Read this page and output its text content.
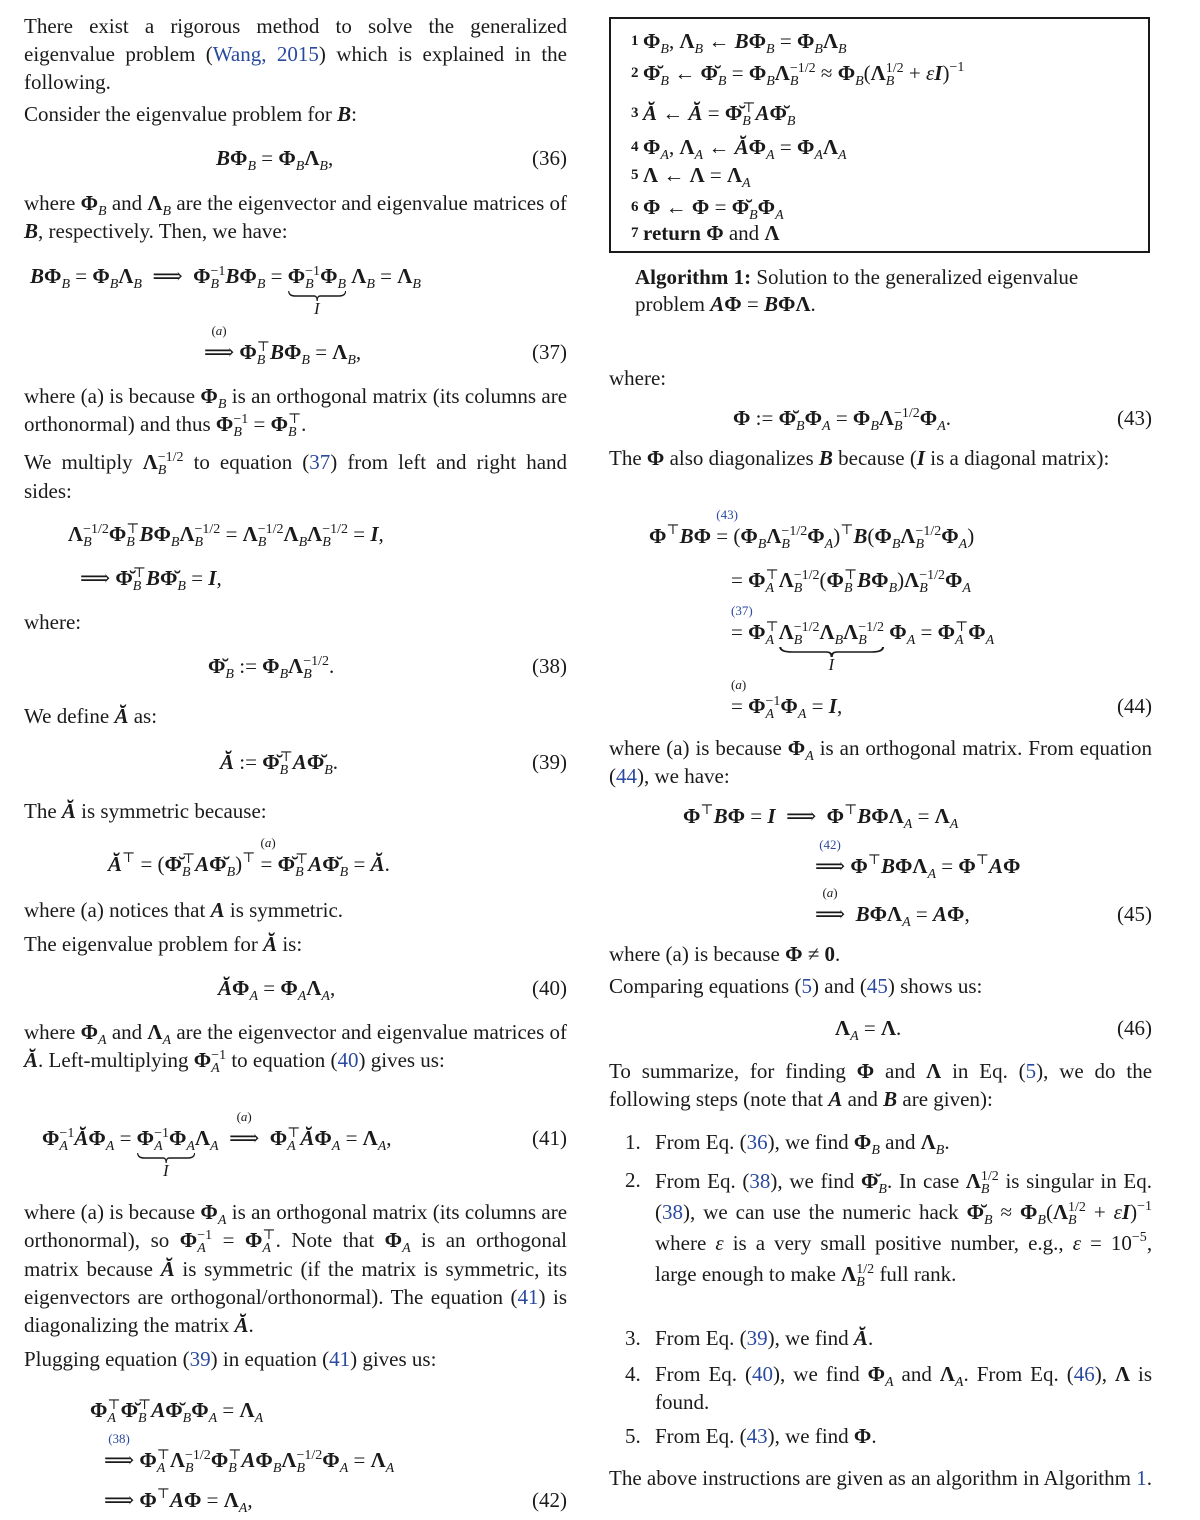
There exist a rigorous method to solve the generalized eigenvalue problem (Wang, 2015) which is explained in the following.
Consider the eigenvalue problem for B:
$B\Phi_B = \Phi_B\Lambda_B$,	(36)
where $\Phi_B$ and $\Lambda_B$ are the eigenvector and eigenvalue matrices of B, respectively. Then, we have:
$B\Phi_B = \Phi_B\Lambda_B$  ⟹  Φ −1
B $B\Phi_B = \Phi -1$
B $\Phi_B$
I
$\Lambda_B = \Lambda_B$
⟹
(a)
Φ ⊤
B $B\Phi_B = \Lambda_B$,	(37)
where (a) is because $\Phi_B$ is an orthogonal matrix (its columns are orthonormal) and thus Φ −1
B = Φ ⊤
B .
We multiply Λ −1/2
B	to equation (37) from left and right hand sides:
Λ −1/2
B Φ ⊤
B $B\Phi_B\Lambda -1/2$
B = Λ −1/2
B $\Lambda_B\Lambda -1/2$
B = I,
⟹ Φ̆ ⊤
B $B\Phĭ_B = I$,
where:
$\Phĭ_B$ := $\Phi_B\Lambda -1/2$
B .	(38)
We define Ă as:
Ă := Φ̆ ⊤
B $A\Phĭ_B$.	(39)
The Ă is symmetric because:
Ă⊤ = (Φ̆ ⊤
B $A\Phĭ_B)^⊤$ =
(a)
Φ̆ ⊤
B $A\Phĭ_B$ = Ă.
where (a) notices that A is symmetric.
The eigenvalue problem for Ă is:
$Ă\Phi_A = \Phi_A\Lambda_A$,	(40)
where $\Phi_A$ and $\Lambda_A$ are the eigenvector and eigenvalue matrices of Ă. Left-multiplying Φ −1
A to equation (40) gives us:
Φ −1
A $Ă\Phi_A = \Phi -1$
A $\Phi_A$
I
$\Lambda_A$ ⟹
(a)
Φ ⊤
A $Ă\Phi_A = \Lambda_A$,	(41)
where (a) is because $\Phi_A$ is an orthogonal matrix (its columns are orthonormal), so Φ −1
A = Φ ⊤
A . Note that $\Phi_A$ is an orthogonal matrix because Ă is symmetric (if the matrix is symmetric, its eigenvectors are orthogonal/orthonormal). The equation (41) is diagonalizing the matrix Ă.
Plugging equation (39) in equation (41) gives us:
Φ ⊤
A Φ̆ ⊤
B $A\Phĭ_B\Phi_A = \Lambda_A$
⟹
(38)
Φ ⊤
A Λ −1/2
B Φ ⊤
B $A\Phi_B\Lambda -1/2$
B $\Phi_A = \Lambda_A$
⟹ $\Phi^⊤A\Phi = \Lambda_A$,	(42)
1 $\Phi_B$, $\Lambda_B$ ← $B\Phi_B = \Phi_B\Lambda_B$
2 $\Phĭ_B$ ← $\Phĭ_B = \Phi_B\Lambda -1/2$
$B \approx \Phi_B(\Lambda$ 1/2
B + εI)$^{-1}$
3 Ă ← Ă = Φ̆ ⊤
B $A\Phĭ_B$
4 $\Phi_A$, $\Lambda_A$ ← $Ă\Phi_A = \Phi_A\Lambda_A$
5 Λ ← $\Lambda = \Lambda_A$
6 Φ ← $\Phi = \Phĭ_B\Phi_A$
7 return Φ and Λ
Algorithm 1: Solution to the generalized eigenvalue problem AΦ = BΦΛ.
where:
Φ := $\Phĭ_B\Phi_A = \Phi_B\Lambda -1/2$
B $\Phi_A$.	(43)
The Φ also diagonalizes B because (I is a diagonal matrix):
Φ⊤BΦ =
(43)
($\Phi_B\Lambda -1/2$
B $\Phi_A)^⊤B(\Phi_B\Lambda -1/2$
B $\Phi_A$)
= Φ ⊤
A Λ −1/2
B (Φ ⊤
B $B\Phi_B)\Lambda -1/2$
B $\Phi_A$
=
(37)
Φ ⊤
A Λ −1/2
B $\Lambda_B\Lambda -1/2$
B
I
$\Phi_A = \Phi$ ⊤
A $\Phi_A$
=
(a)
Φ −1
A $\Phi_A = I$,	(44)
where (a) is because $\Phi_A$ is an orthogonal matrix. From equation (44), we have:
Φ⊤BΦ = I  ⟹  $\Phi^⊤B\Phi\Lambda_A = \Lambda_A$
⟹
(42)
$\Phi^⊤B\Phi\Lambda_A = \Phi^⊤A\Phi$
⟹
(a)
$B\Phi\Lambda_A = A\Phi$,	(45)
where (a) is because Φ ≠ 0.
Comparing equations (5) and (45) shows us:
$\Lambda_A = \Lambda$.	(46)
To summarize, for finding Φ and Λ in Eq. (5), we do the following steps (note that A and B are given):
1. From Eq. (36), we find $\Phi_B$ and $\Lambda_B$.
2. From Eq. (38), we find $\Phĭ_B$. In case Λ 1/2
B is singular in Eq. (38), we can use the numeric hack $\Phĭ_B \approx \Phi_B(\Lambda$ 1/2
B + εI)$^{-1}$ where ε is a very small positive number, e.g., $\varepsilon = 10^{-5}$, large enough to make Λ 1/2
B full rank.
3. From Eq. (39), we find Ă.
4. From Eq. (40), we find $\Phi_A$ and $\Lambda_A$. From Eq. (46), Λ is found.
5. From Eq. (43), we find Φ.
The above instructions are given as an algorithm in Algorithm 1.
